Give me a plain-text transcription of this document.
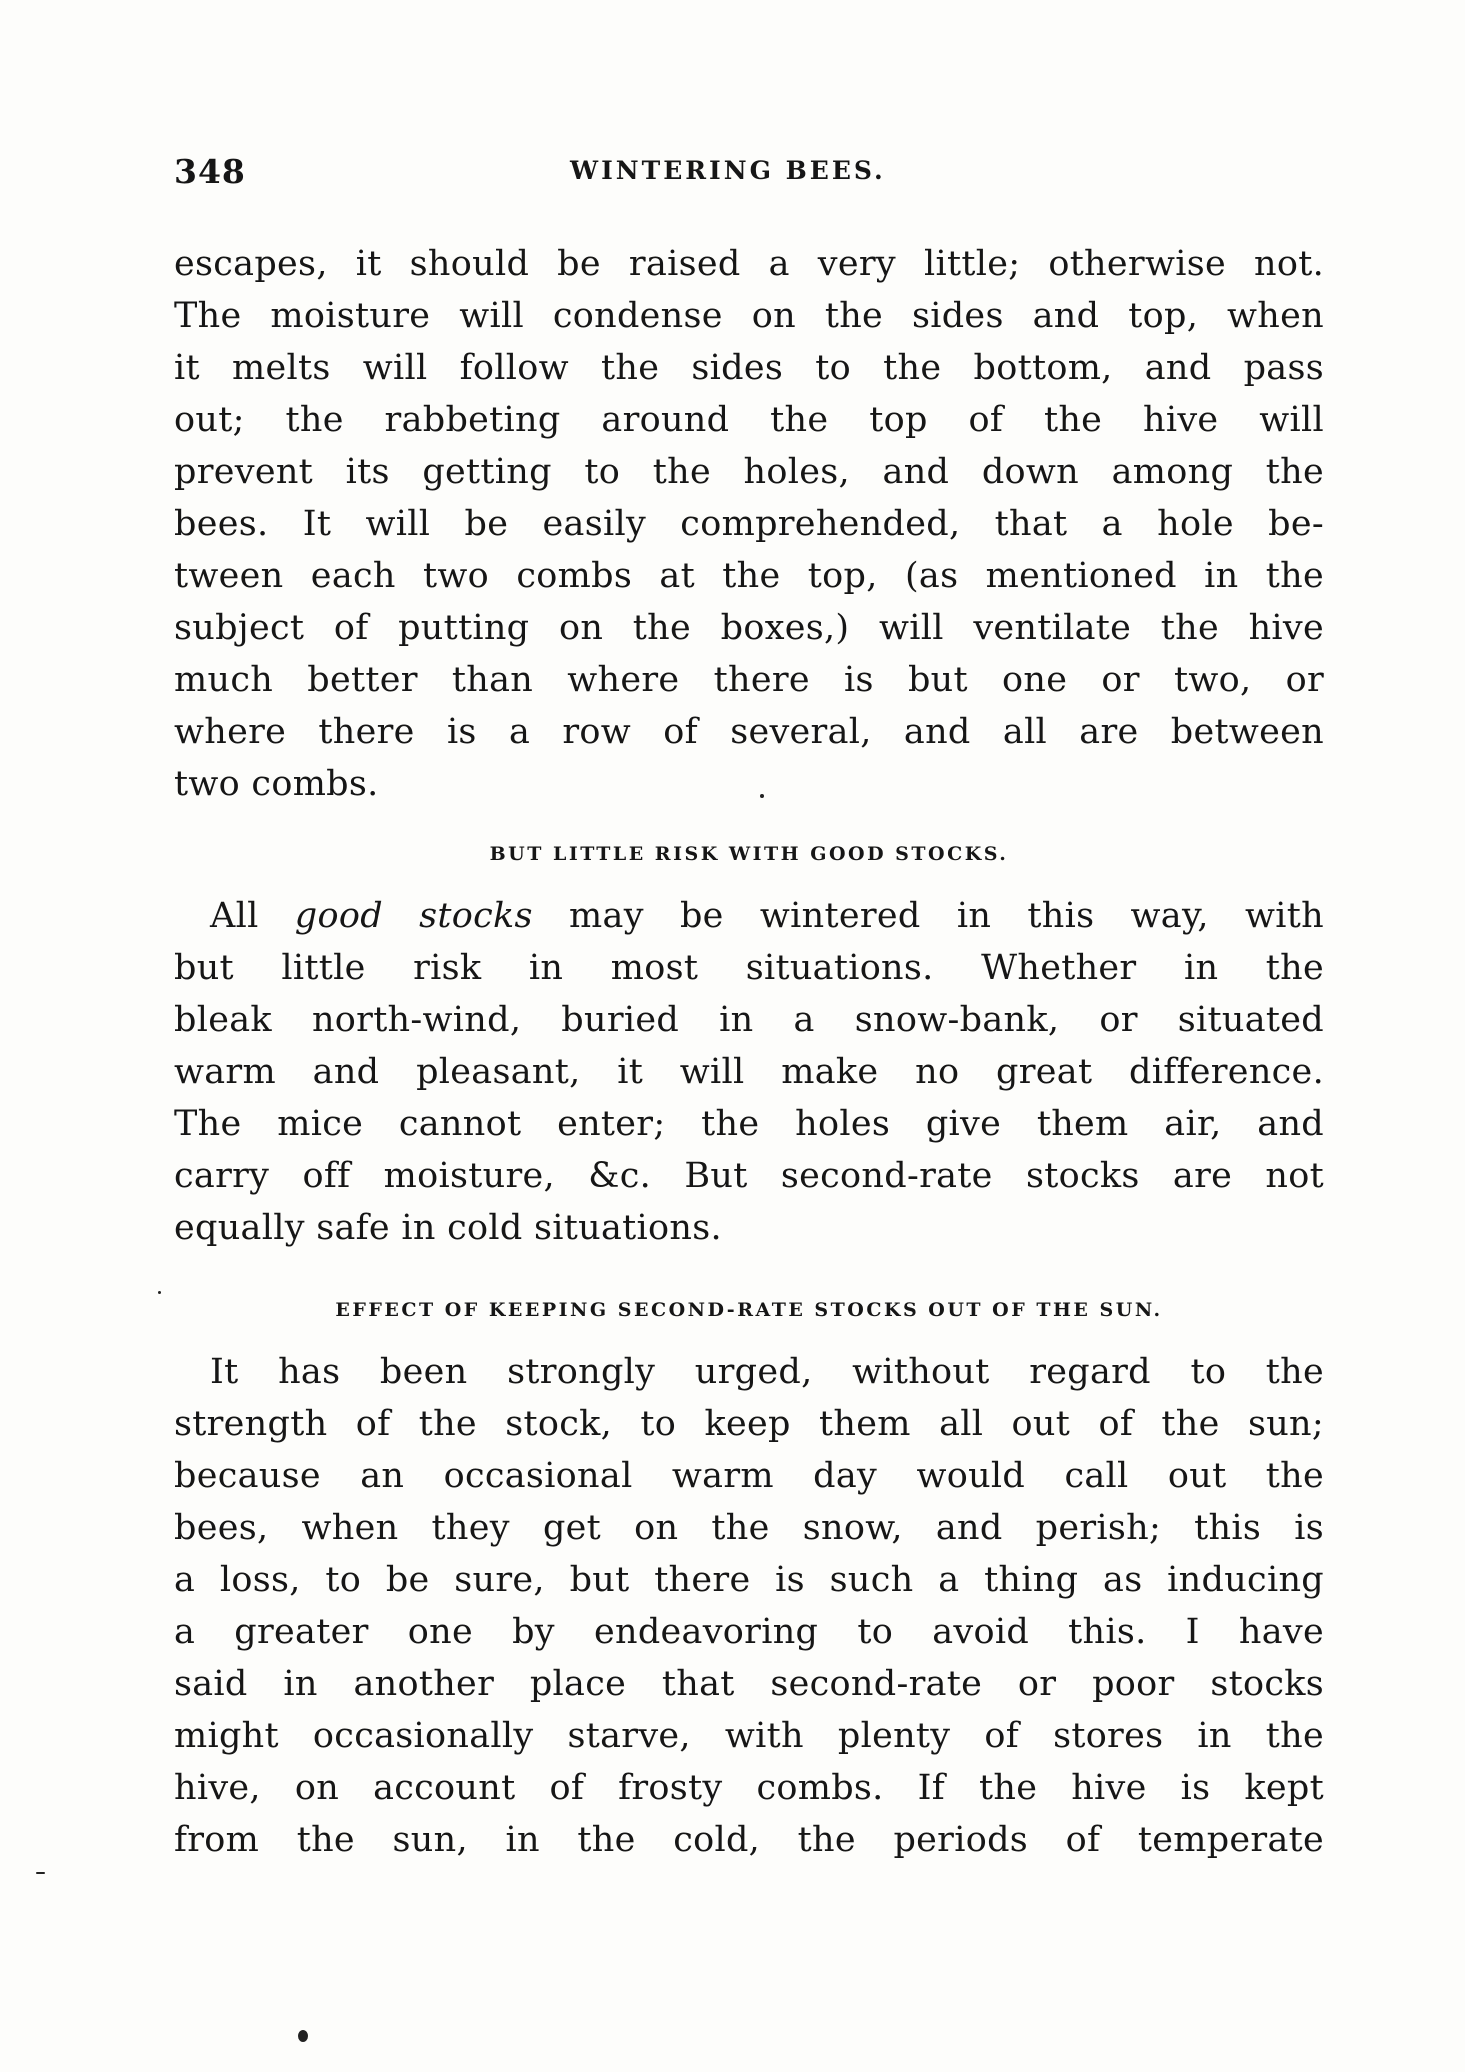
348	WINTERING BEES.
escapes, it should be raised a very little; otherwise not.
The moisture will condense on the sides and top, when
it melts will follow the sides to the bottom, and pass
out; the rabbeting around the top of the hive will
prevent its getting to the holes, and down among the
bees. It will be easily comprehended, that a hole be-
tween each two combs at the top, (as mentioned in the
subject of putting on the boxes,) will ventilate the hive
much better than where there is but one or two, or
where there is a row of several, and all are between
two combs.
BUT LITTLE RISK WITH GOOD STOCKS.
All good stocks may be wintered in this way, with
but little risk in most situations. Whether in the
bleak north-wind, buried in a snow-bank, or situated
warm and pleasant, it will make no great difference.
The mice cannot enter; the holes give them air, and
carry off moisture, &c. But second-rate stocks are not
equally safe in cold situations.
EFFECT OF KEEPING SECOND-RATE STOCKS OUT OF THE SUN.
It has been strongly urged, without regard to the
strength of the stock, to keep them all out of the sun;
because an occasional warm day would call out the
bees, when they get on the snow, and perish; this is
a loss, to be sure, but there is such a thing as inducing
a greater one by endeavoring to avoid this. I have
said in another place that second-rate or poor stocks
might occasionally starve, with plenty of stores in the
hive, on account of frosty combs. If the hive is kept
from the sun, in the cold, the periods of temperate
